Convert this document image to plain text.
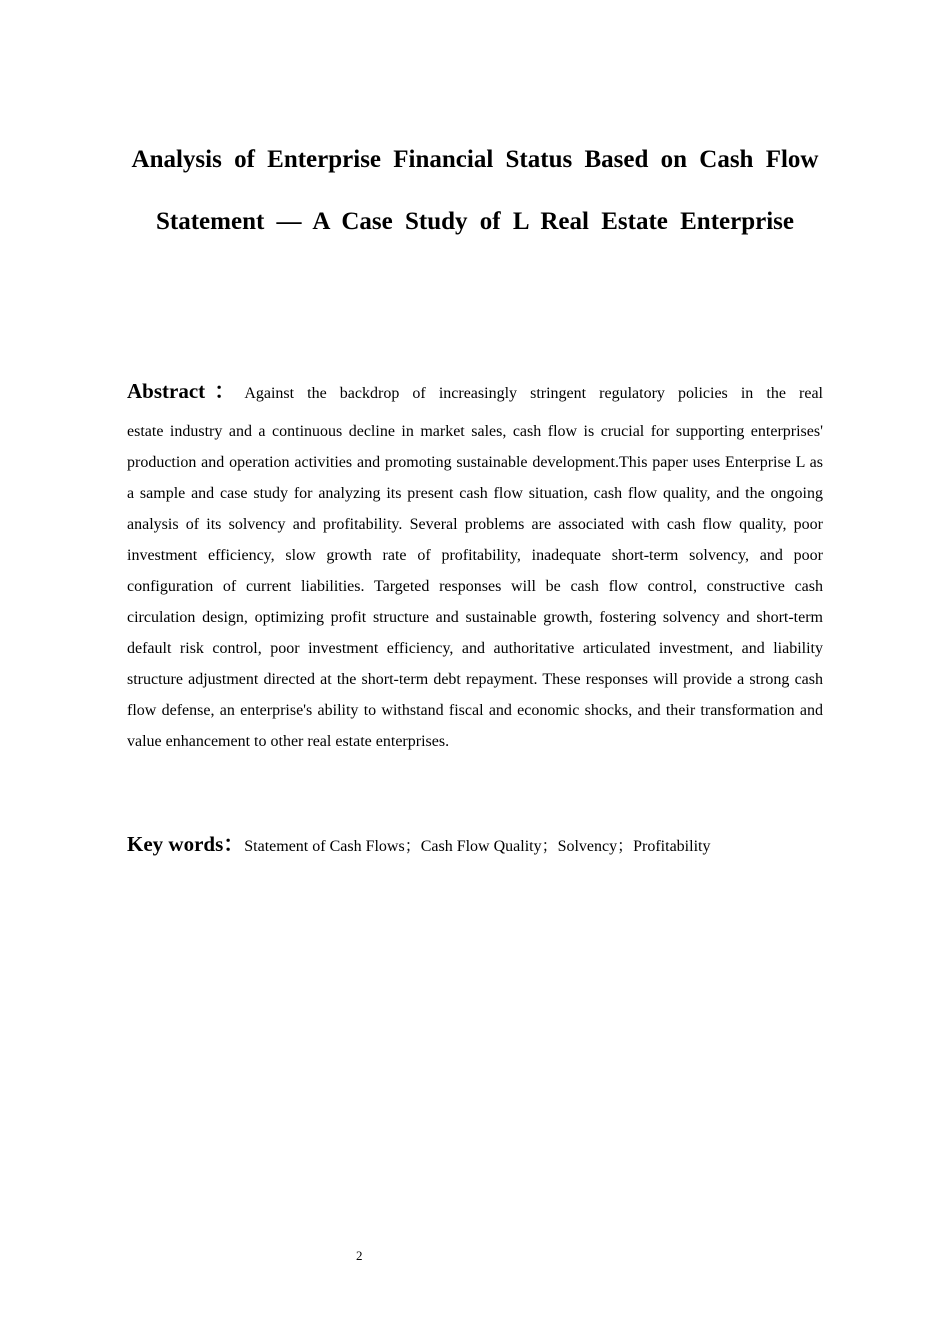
Analysis of Enterprise Financial Status Based on Cash Flow Statement — A Case Study of L Real Estate Enterprise
Abstract：Against the backdrop of increasingly stringent regulatory policies in the real
estate industry and a continuous decline in market sales, cash flow is crucial for supporting enterprises' production and operation activities and promoting sustainable development.This paper uses Enterprise L as a sample and case study for analyzing its present cash flow situation, cash flow quality, and the ongoing analysis of its solvency and profitability. Several problems are associated with cash flow quality, poor investment efficiency, slow growth rate of profitability, inadequate short-term solvency, and poor configuration of current liabilities. Targeted responses will be cash flow control, constructive cash circulation design, optimizing profit structure and sustainable growth, fostering solvency and short-term default risk control, poor investment efficiency, and authoritative articulated investment, and liability structure adjustment directed at the short-term debt repayment. These responses will provide a strong cash flow defense, an enterprise's ability to withstand fiscal and economic shocks, and their transformation and value enhancement to other real estate enterprises.

Key words：Statement of Cash Flows；Cash Flow Quality；Solvency；Profitability

2
